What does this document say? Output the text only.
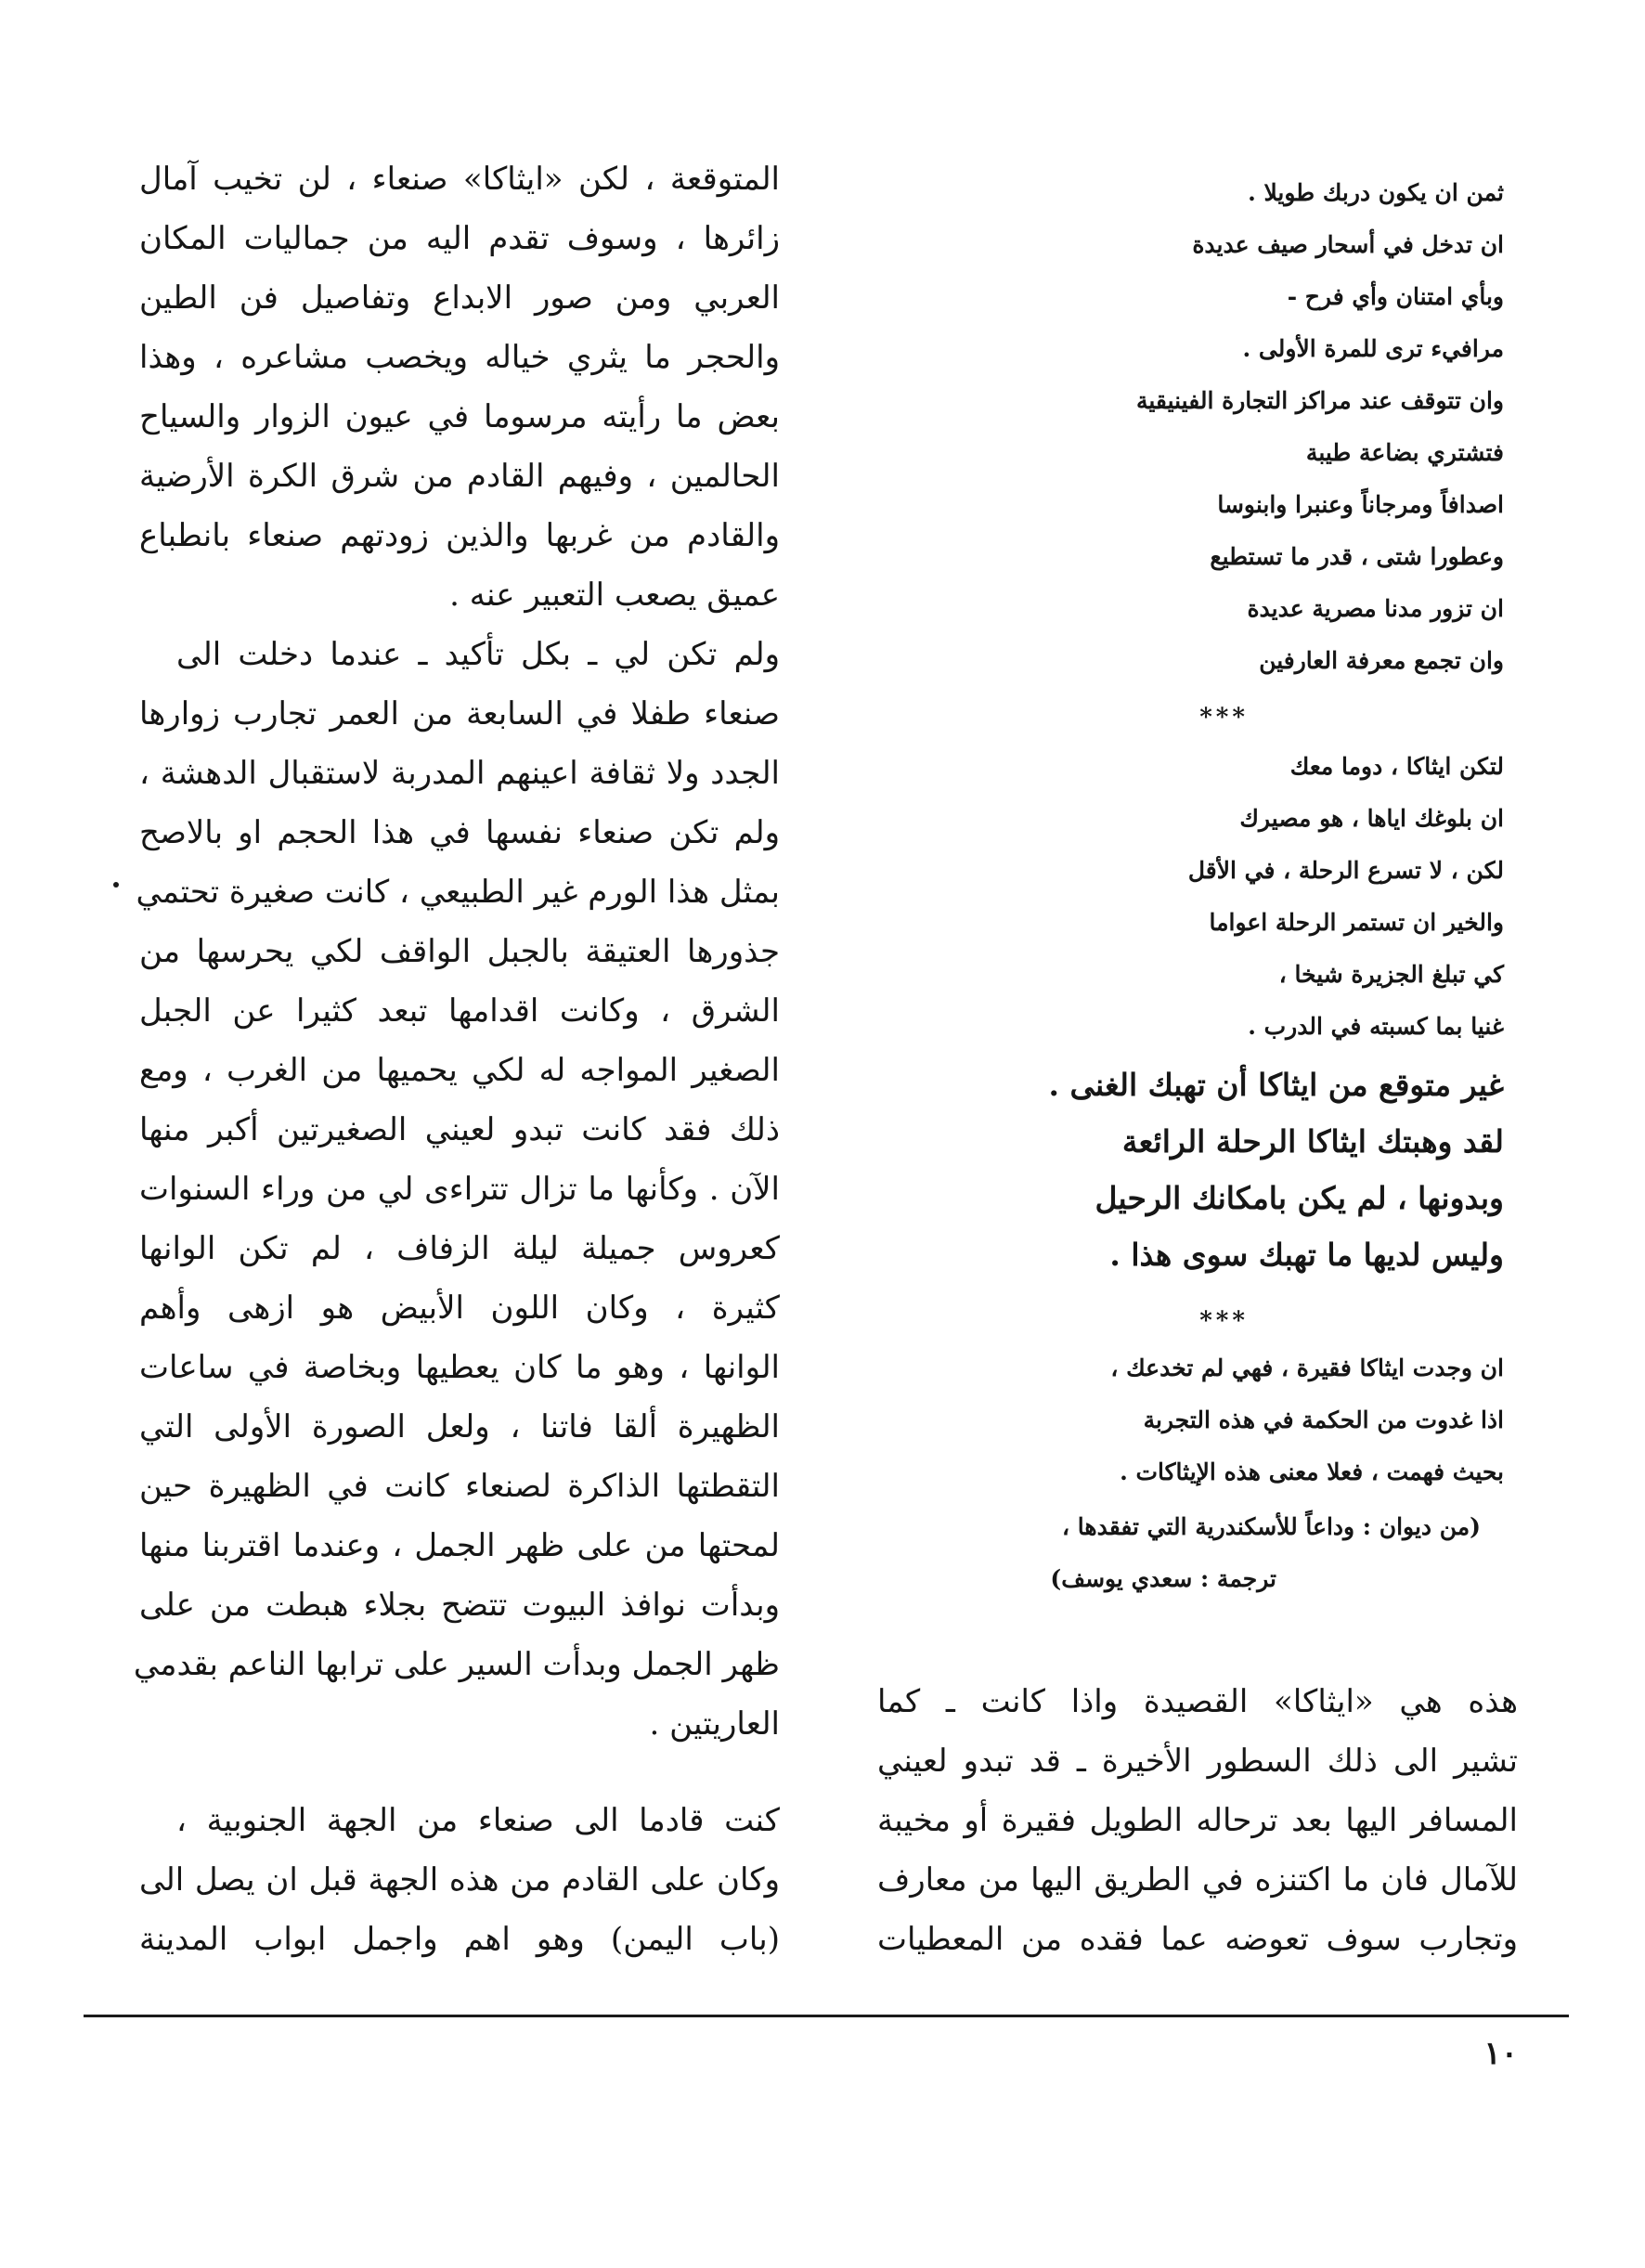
ثمن ان يكون دربك طويلا .
ان تدخل في أسحار صيف عديدة
وبأي امتنان وأي فرح -
مرافيء ترى للمرة الأولى .
وان تتوقف عند مراكز التجارة الفينيقية
فتشتري بضاعة طيبة
اصدافاً ومرجاناً وعنبرا وابنوسا
وعطورا شتى ، قدر ما تستطيع
ان تزور مدنا مصرية عديدة
وان تجمع معرفة العارفين
***
لتكن ايثاكا ، دوما معك
ان بلوغك اياها ، هو مصيرك
لكن ، لا تسرع الرحلة ، في الأقل
والخير ان تستمر الرحلة اعواما
كي تبلغ الجزيرة شيخا ،
غنيا بما كسبته في الدرب .
غير متوقع من ايثاكا أن تهبك الغنى .
لقد وهبتك ايثاكا الرحلة الرائعة
وبدونها ، لم يكن بامكانك الرحيل
وليس لديها ما تهبك سوى هذا .
***
ان وجدت ايثاكا فقيرة ، فهي لم تخدعك ،
اذا غدوت من الحكمة في هذه التجربة
بحيث فهمت ، فعلا معنى هذه الإيثاكات .
(من ديوان : وداعاً للأسكندرية التي تفقدها ،
ترجمة : سعدي يوسف)
هذه هي «ايثاكا» القصيدة واذا كانت ـ كما
تشير الى ذلك السطور الأخيرة ـ قد تبدو لعيني
المسافر اليها بعد ترحاله الطويل فقيرة أو مخيبة
للآمال فان ما اكتنزه في الطريق اليها من معارف
وتجارب سوف تعوضه عما فقده من المعطيات
المتوقعة ، لكن «ايثاكا» صنعاء ، لن تخيب آمال
زائرها ، وسوف تقدم اليه من جماليات المكان
العربي ومن صور الابداع وتفاصيل فن الطين
والحجر ما يثري خياله ويخصب مشاعره ، وهذا
بعض ما رأيته مرسوما في عيون الزوار والسياح
الحالمين ، وفيهم القادم من شرق الكرة الأرضية
والقادم من غربها والذين زودتهم صنعاء بانطباع
عميق يصعب التعبير عنه .
ولم تكن لي ـ بكل تأكيد ـ عندما دخلت الى
صنعاء طفلا في السابعة من العمر تجارب زوارها
الجدد ولا ثقافة اعينهم المدربة لاستقبال الدهشة ،
ولم تكن صنعاء نفسها في هذا الحجم او بالاصح
بمثل هذا الورم غير الطبيعي ، كانت صغيرة تحتمي
جذورها العتيقة بالجبل الواقف لكي يحرسها من
الشرق ، وكانت اقدامها تبعد كثيرا عن الجبل
الصغير المواجه له لكي يحميها من الغرب ، ومع
ذلك فقد كانت تبدو لعيني الصغيرتين أكبر منها
الآن . وكأنها ما تزال تتراءى لي من وراء السنوات
كعروس جميلة ليلة الزفاف ، لم تكن الوانها
كثيرة ، وكان اللون الأبيض هو ازهى وأهم
الوانها ، وهو ما كان يعطيها وبخاصة في ساعات
الظهيرة ألقا فاتنا ، ولعل الصورة الأولى التي
التقطتها الذاكرة لصنعاء كانت في الظهيرة حين
لمحتها من على ظهر الجمل ، وعندما اقتربنا منها
وبدأت نوافذ البيوت تتضح بجلاء هبطت من على
ظهر الجمل وبدأت السير على ترابها الناعم بقدمي
العاريتين .
كنت قادما الى صنعاء من الجهة الجنوبية ،
وكان على القادم من هذه الجهة قبل ان يصل الى
(باب اليمن) وهو اهم واجمل ابواب المدينة
١٠
